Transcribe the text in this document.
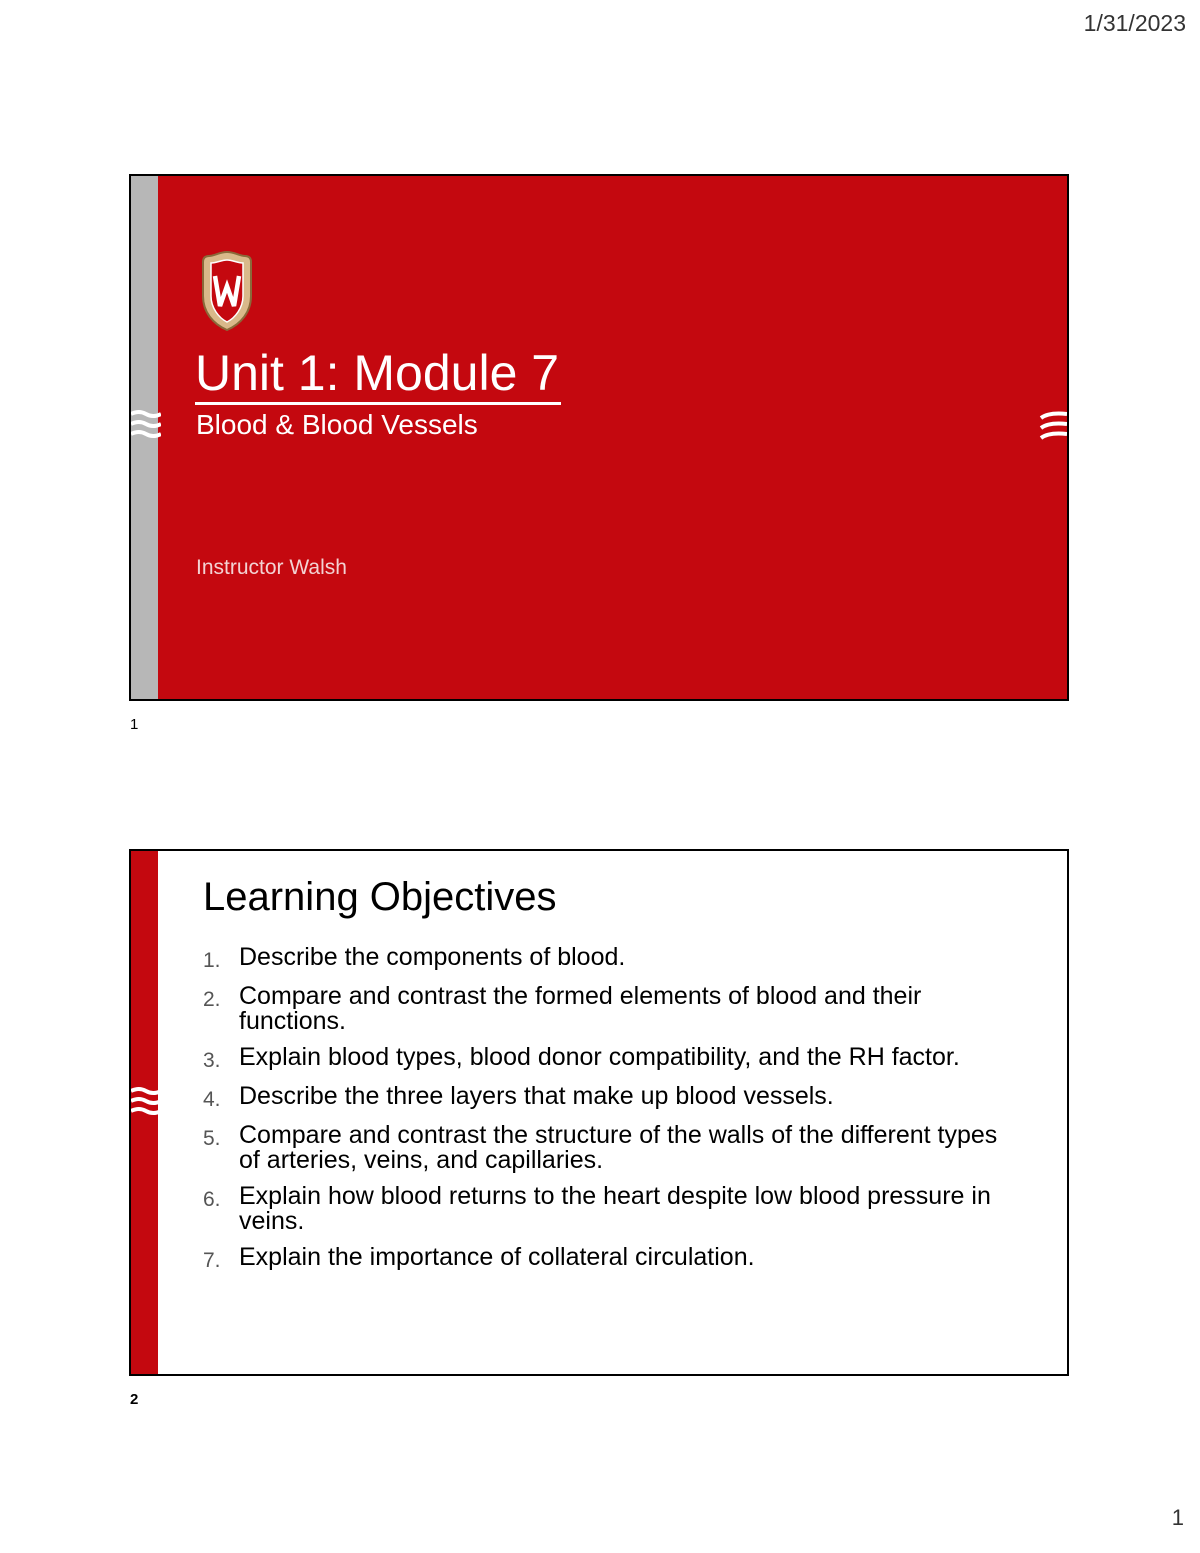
1/31/2023
Unit 1: Module 7
Blood & Blood Vessels
Instructor Walsh
1
Learning Objectives
1. Describe the components of blood.
2. Compare and contrast the formed elements of blood and their functions.
3. Explain blood types, blood donor compatibility, and the RH factor.
4. Describe the three layers that make up blood vessels.
5. Compare and contrast the structure of the walls of the different types of arteries, veins, and capillaries.
6. Explain how blood returns to the heart despite low blood pressure in veins.
7. Explain the importance of collateral circulation.
2
1
